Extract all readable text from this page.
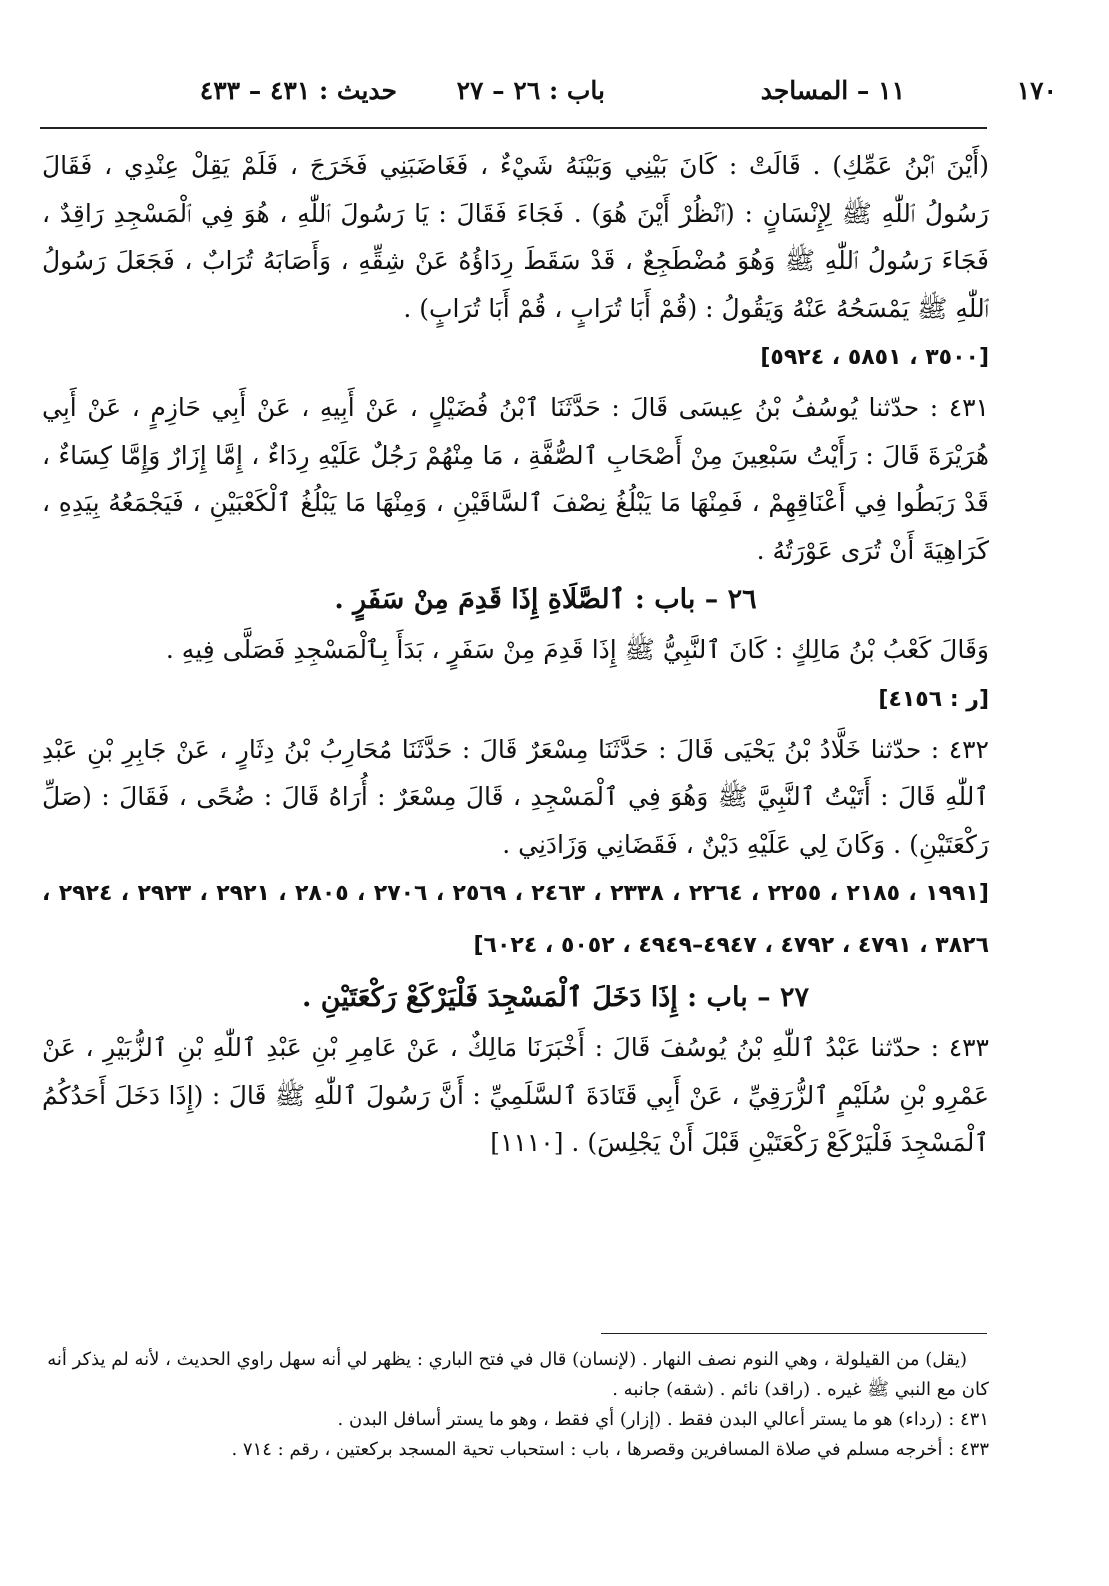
١٧٠
١١ – المساجد
باب : ٢٦ – ٢٧
حديث : ٤٣١ – ٤٣٣

(أَيْنَ ٱبْنُ عَمِّكِ) . قَالَتْ : كَانَ بَيْنِي وَبَيْنَهُ شَيْءٌ ، فَغَاضَبَنِي فَخَرَجَ ، فَلَمْ يَقِلْ عِنْدِي ، فَقَالَ رَسُولُ ٱللّٰهِ ﷺ لِإِنْسَانٍ : (ٱنْظُرْ أَيْنَ هُوَ) . فَجَاءَ فَقَالَ : يَا رَسُولَ ٱللّٰهِ ، هُوَ فِي ٱلْمَسْجِدِ رَاقِدٌ ، فَجَاءَ رَسُولُ ٱللّٰهِ ﷺ وَهُوَ مُضْطَجِعٌ ، قَدْ سَقَطَ رِدَاؤُهُ عَنْ شِقِّهِ ، وَأَصَابَهُ تُرَابٌ ، فَجَعَلَ رَسُولُ ٱللّٰهِ ﷺ يَمْسَحُهُ عَنْهُ وَيَقُولُ : (قُمْ أَبَا تُرَابٍ ، قُمْ أَبَا تُرَابٍ) .

[٣٥٠٠ ، ٥٨٥١ ، ٥٩٢٤]

٤٣١ : حدّثنا يُوسُفُ بْنُ عِيسَى قَالَ : حَدَّثَنَا ٱبْنُ فُضَيْلٍ ، عَنْ أَبِيهِ ، عَنْ أَبِي حَازِمٍ ، عَنْ أَبِي هُرَيْرَةَ قَالَ : رَأَيْتُ سَبْعِينَ مِنْ أَصْحَابِ ٱلصُّفَّةِ ، مَا مِنْهُمْ رَجُلٌ عَلَيْهِ رِدَاءٌ ، إِمَّا إِزَارٌ وَإِمَّا كِسَاءٌ ، قَدْ رَبَطُوا فِي أَعْنَاقِهِمْ ، فَمِنْهَا مَا يَبْلُغُ نِصْفَ ٱلسَّاقَيْنِ ، وَمِنْهَا مَا يَبْلُغُ ٱلْكَعْبَيْنِ ، فَيَجْمَعُهُ بِيَدِهِ ، كَرَاهِيَةَ أَنْ تُرَى عَوْرَتُهُ .

٢٦ – باب : ٱلصَّلَاةِ إِذَا قَدِمَ مِنْ سَفَرٍ .

وَقَالَ كَعْبُ بْنُ مَالِكٍ : كَانَ ٱلنَّبِيُّ ﷺ إِذَا قَدِمَ مِنْ سَفَرٍ ، بَدَأَ بِٱلْمَسْجِدِ فَصَلَّى فِيهِ .

[ر : ٤١٥٦]

٤٣٢ : حدّثنا خَلَّادُ بْنُ يَحْيَى قَالَ : حَدَّثَنَا مِسْعَرٌ قَالَ : حَدَّثَنَا مُحَارِبُ بْنُ دِثَارٍ ، عَنْ جَابِرِ بْنِ عَبْدِ ٱللّٰهِ قَالَ : أَتَيْتُ ٱلنَّبِيَّ ﷺ وَهُوَ فِي ٱلْمَسْجِدِ ، قَالَ مِسْعَرٌ : أُرَاهُ قَالَ : ضُحًى ، فَقَالَ : (صَلِّ رَكْعَتَيْنِ) . وَكَانَ لِي عَلَيْهِ دَيْنٌ ، فَقَضَانِي وَزَادَنِي .

[١٩٩١ ، ٢١٨٥ ، ٢٢٥٥ ، ٢٢٦٤ ، ٢٣٣٨ ، ٢٤٦٣ ، ٢٥٦٩ ، ٢٧٠٦ ، ٢٨٠٥ ، ٢٩٢١ ، ٢٩٢٣ ، ٢٩٢٤ ، ٣٨٢٦ ، ٤٧٩١ ، ٤٧٩٢ ، ٤٩٤٧–٤٩٤٩ ، ٥٠٥٢ ، ٦٠٢٤]

٢٧ – باب : إِذَا دَخَلَ ٱلْمَسْجِدَ فَلْيَرْكَعْ رَكْعَتَيْنِ .

٤٣٣ : حدّثنا عَبْدُ ٱللّٰهِ بْنُ يُوسُفَ قَالَ : أَخْبَرَنَا مَالِكٌ ، عَنْ عَامِرِ بْنِ عَبْدِ ٱللّٰهِ بْنِ ٱلزُّبَيْرِ ، عَنْ عَمْرِو بْنِ سُلَيْمٍ ٱلزُّرَقِيِّ ، عَنْ أَبِي قَتَادَةَ ٱلسَّلَمِيِّ : أَنَّ رَسُولَ ٱللّٰهِ ﷺ قَالَ : (إِذَا دَخَلَ أَحَدُكُمُ ٱلْمَسْجِدَ فَلْيَرْكَعْ رَكْعَتَيْنِ قَبْلَ أَنْ يَجْلِسَ) . [١١١٠]

(يقل) من القيلولة ، وهي النوم نصف النهار . (لإنسان) قال في فتح الباري : يظهر لي أنه سهل راوي الحديث ، لأنه لم يذكر أنه كان مع النبي ﷺ غيره . (راقد) نائم . (شقه) جانبه .

٤٣١ : (رداء) هو ما يستر أعالي البدن فقط . (إزار) أي فقط ، وهو ما يستر أسافل البدن .

٤٣٣ : أخرجه مسلم في صلاة المسافرين وقصرها ، باب : استحباب تحية المسجد بركعتين ، رقم : ٧١٤ .
